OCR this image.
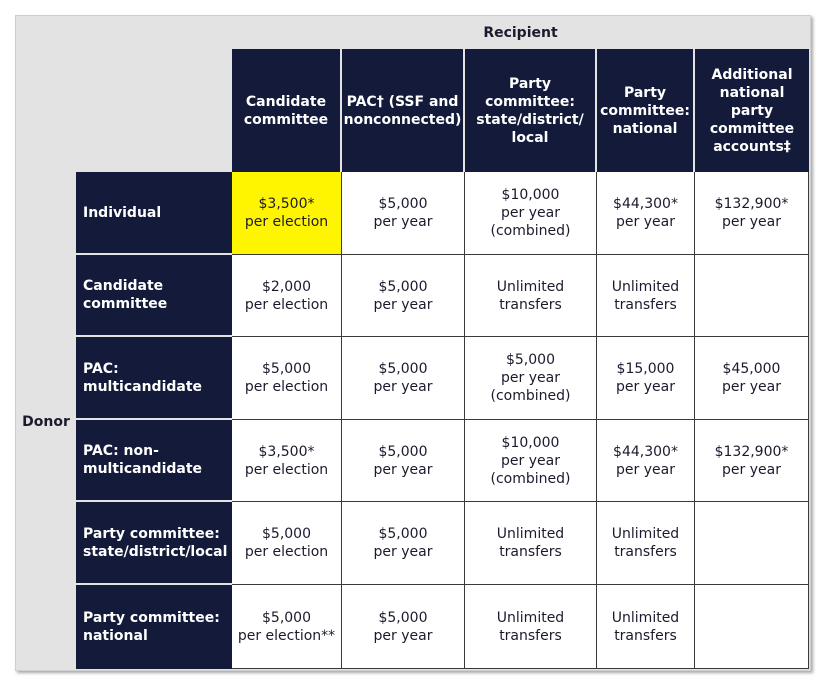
Recipient
Donor
Candidate committee
PAC† (SSF and nonconnected)
Party committee: state/district/ local
Party committee: national
Additional national party committee accounts‡
Individual
$3,500*
per election
$5,000
per year
$10,000
per year
(combined)
$44,300*
per year
$132,900*
per year
Candidate committee
$2,000
per election
$5,000
per year
Unlimited
transfers
Unlimited
transfers
PAC: multicandidate
$5,000
per election
$5,000
per year
$5,000
per year
(combined)
$15,000
per year
$45,000
per year
PAC: non- multicandidate
$3,500*
per election
$5,000
per year
$10,000
per year
(combined)
$44,300*
per year
$132,900*
per year
Party committee: state/district/local
$5,000
per election
$5,000
per year
Unlimited
transfers
Unlimited
transfers
Party committee: national
$5,000
per election**
$5,000
per year
Unlimited
transfers
Unlimited
transfers
